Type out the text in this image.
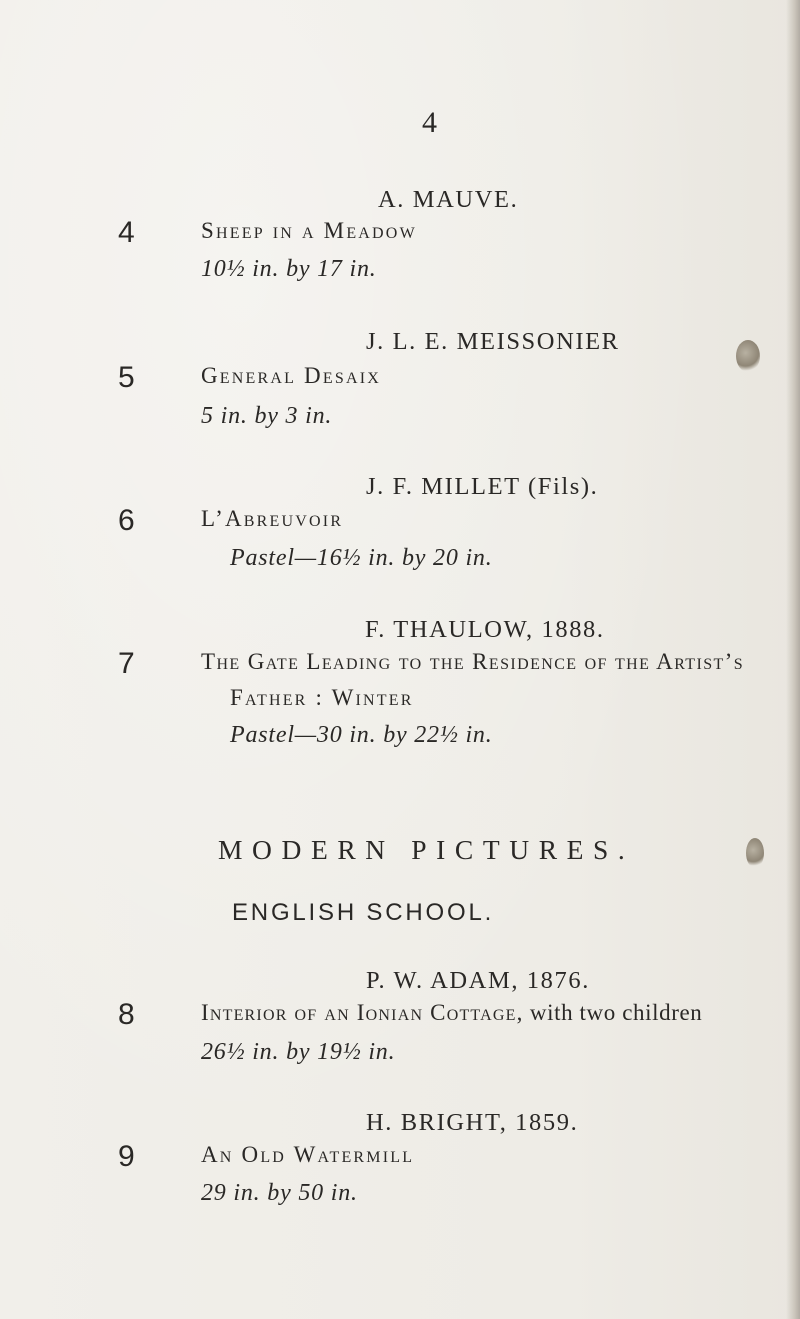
4
A. MAUVE.
4	Sheep in a Meadow
10½ in. by 17 in.
J. L. E. MEISSONIER
5	General Desaix
5 in. by 3 in.
J. F. MILLET (Fils).
6	L’Abreuvoir
Pastel—16½ in. by 20 in.
F. THAULOW, 1888.
7	The Gate Leading to the Residence of the Artist’s
Father : Winter
Pastel—30 in. by 22½ in.
MODERN PICTURES.
ENGLISH SCHOOL.
P. W. ADAM, 1876.
8	Interior of an Ionian Cottage, with two children
26½ in. by 19½ in.
H. BRIGHT, 1859.
9	An Old Watermill
29 in. by 50 in.
